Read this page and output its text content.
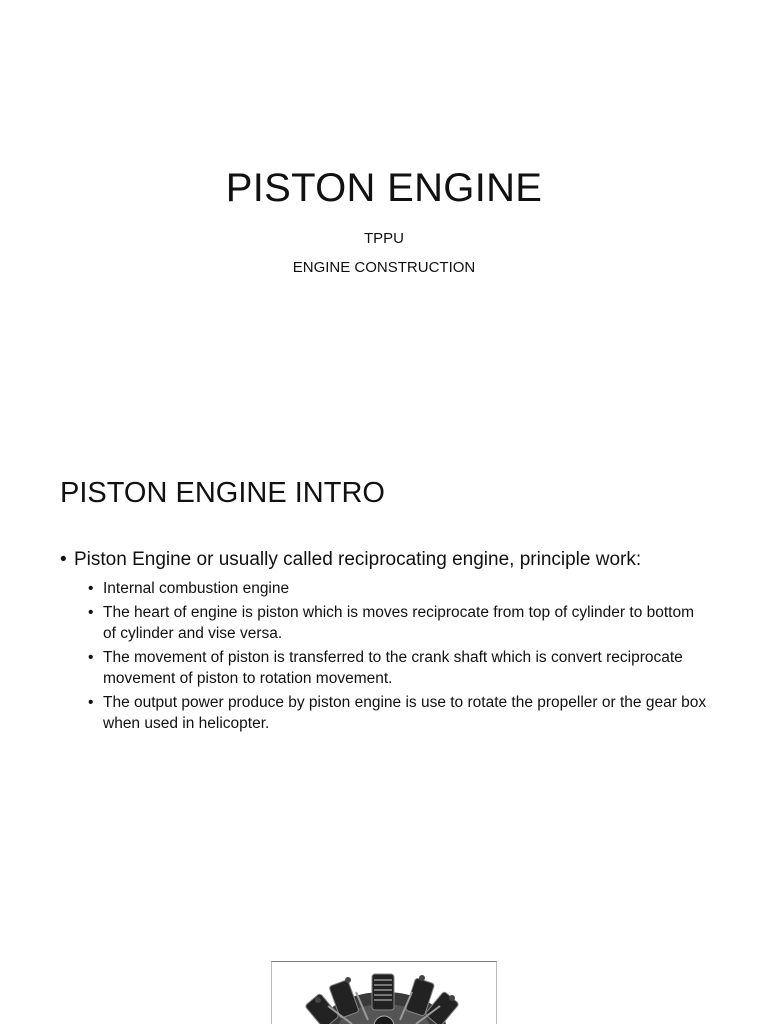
PISTON ENGINE
TPPU
ENGINE CONSTRUCTION
PISTON ENGINE INTRO
• Piston Engine or usually called reciprocating engine, principle work:
• Internal combustion engine
• The heart of engine is piston which is moves reciprocate from top of cylinder to bottom of cylinder and vise versa.
• The movement of piston is transferred to the crank shaft which is convert reciprocate movement of piston to rotation movement.
• The output power produce by piston engine is use to rotate the propeller or the gear box when used in helicopter.
